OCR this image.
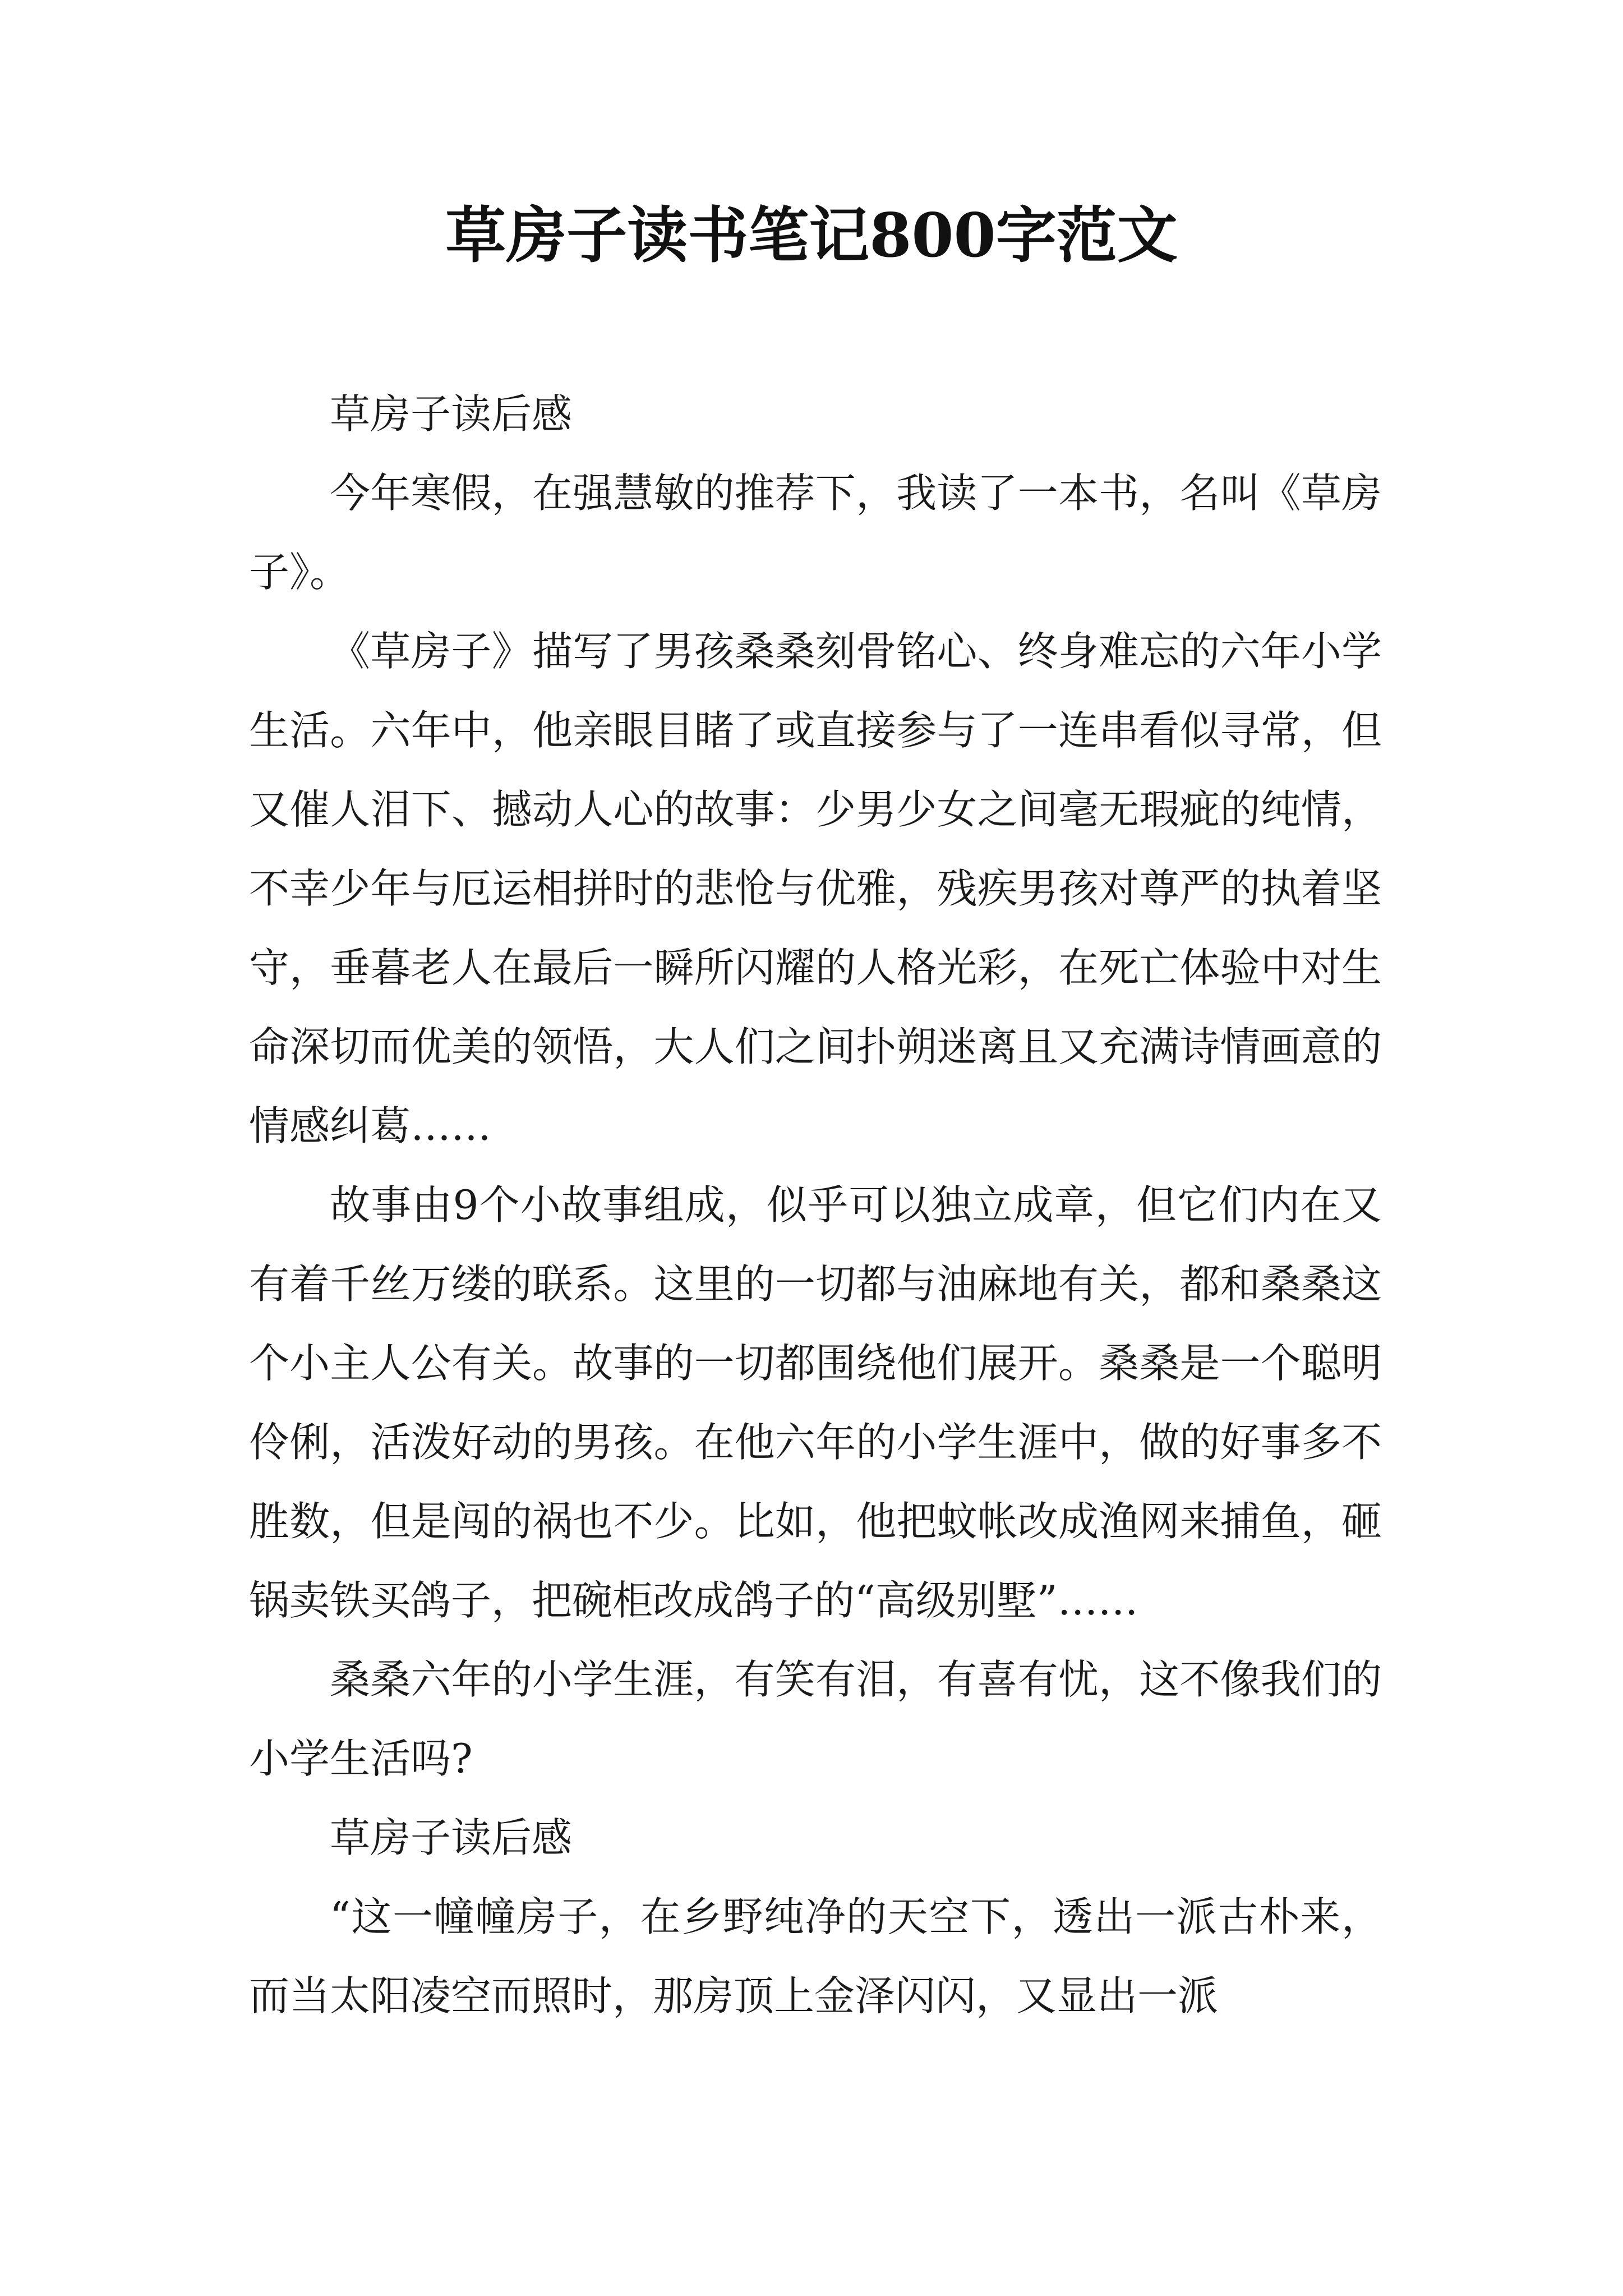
草房子读书笔记800字范文

草房子读后感

今年寒假，在强慧敏的推荐下，我读了一本书，名叫《草房子》。

《草房子》描写了男孩桑桑刻骨铭心、终身难忘的六年小学生活。六年中，他亲眼目睹了或直接参与了一连串看似寻常，但又催人泪下、撼动人心的故事：少男少女之间毫无瑕疵的纯情，不幸少年与厄运相拼时的悲怆与优雅，残疾男孩对尊严的执着坚守，垂暮老人在最后一瞬所闪耀的人格光彩，在死亡体验中对生命深切而优美的领悟，大人们之间扑朔迷离且又充满诗情画意的情感纠葛……

故事由9个小故事组成，似乎可以独立成章，但它们内在又有着千丝万缕的联系。这里的一切都与油麻地有关，都和桑桑这个小主人公有关。故事的一切都围绕他们展开。桑桑是一个聪明伶俐，活泼好动的男孩。在他六年的小学生涯中，做的好事多不胜数，但是闯的祸也不少。比如，他把蚊帐改成渔网来捕鱼，砸锅卖铁买鸽子，把碗柜改成鸽子的“高级别墅”……

桑桑六年的小学生涯，有笑有泪，有喜有忧，这不像我们的小学生活吗?

草房子读后感

“这一幢幢房子，在乡野纯净的天空下，透出一派古朴来，而当太阳凌空而照时，那房顶上金泽闪闪，又显出一派
